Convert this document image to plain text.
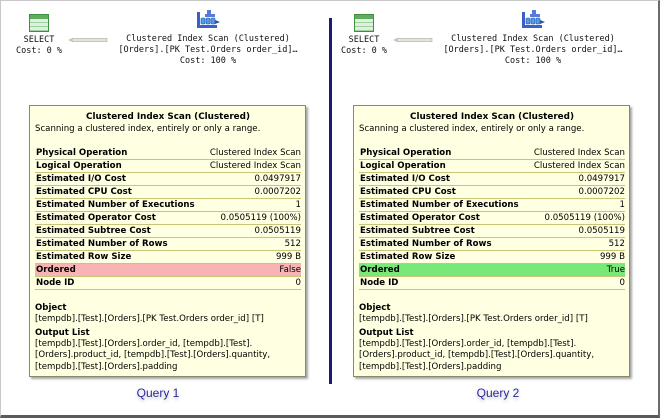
SELECT
Cost: 0 %
Clustered Index Scan (Clustered)
[Orders].[PK Test.Orders order_id]…
Cost: 100 %
Clustered Index Scan (Clustered)
Scanning a clustered index, entirely or only a range.
Physical Operation	Clustered Index Scan
Logical Operation	Clustered Index Scan
Estimated I/O Cost	0.0497917
Estimated CPU Cost	0.0007202
Estimated Number of Executions	1
Estimated Operator Cost	0.0505119 (100%)
Estimated Subtree Cost	0.0505119
Estimated Number of Rows	512
Estimated Row Size	999 B
Ordered	False
Node ID	0
Object
[tempdb].[Test].[Orders].[PK Test.Orders order_id] [T]
Output List
[tempdb].[Test].[Orders].order_id, [tempdb].[Test].[Orders].product_id, [tempdb].[Test].[Orders].quantity, [tempdb].[Test].[Orders].padding
Query 1
SELECT
Cost: 0 %
Clustered Index Scan (Clustered)
[Orders].[PK Test.Orders order_id]…
Cost: 100 %
Clustered Index Scan (Clustered)
Scanning a clustered index, entirely or only a range.
Physical Operation	Clustered Index Scan
Logical Operation	Clustered Index Scan
Estimated I/O Cost	0.0497917
Estimated CPU Cost	0.0007202
Estimated Number of Executions	1
Estimated Operator Cost	0.0505119 (100%)
Estimated Subtree Cost	0.0505119
Estimated Number of Rows	512
Estimated Row Size	999 B
Ordered	True
Node ID	0
Object
[tempdb].[Test].[Orders].[PK Test.Orders order_id] [T]
Output List
[tempdb].[Test].[Orders].order_id, [tempdb].[Test].[Orders].product_id, [tempdb].[Test].[Orders].quantity, [tempdb].[Test].[Orders].padding
Query 2
